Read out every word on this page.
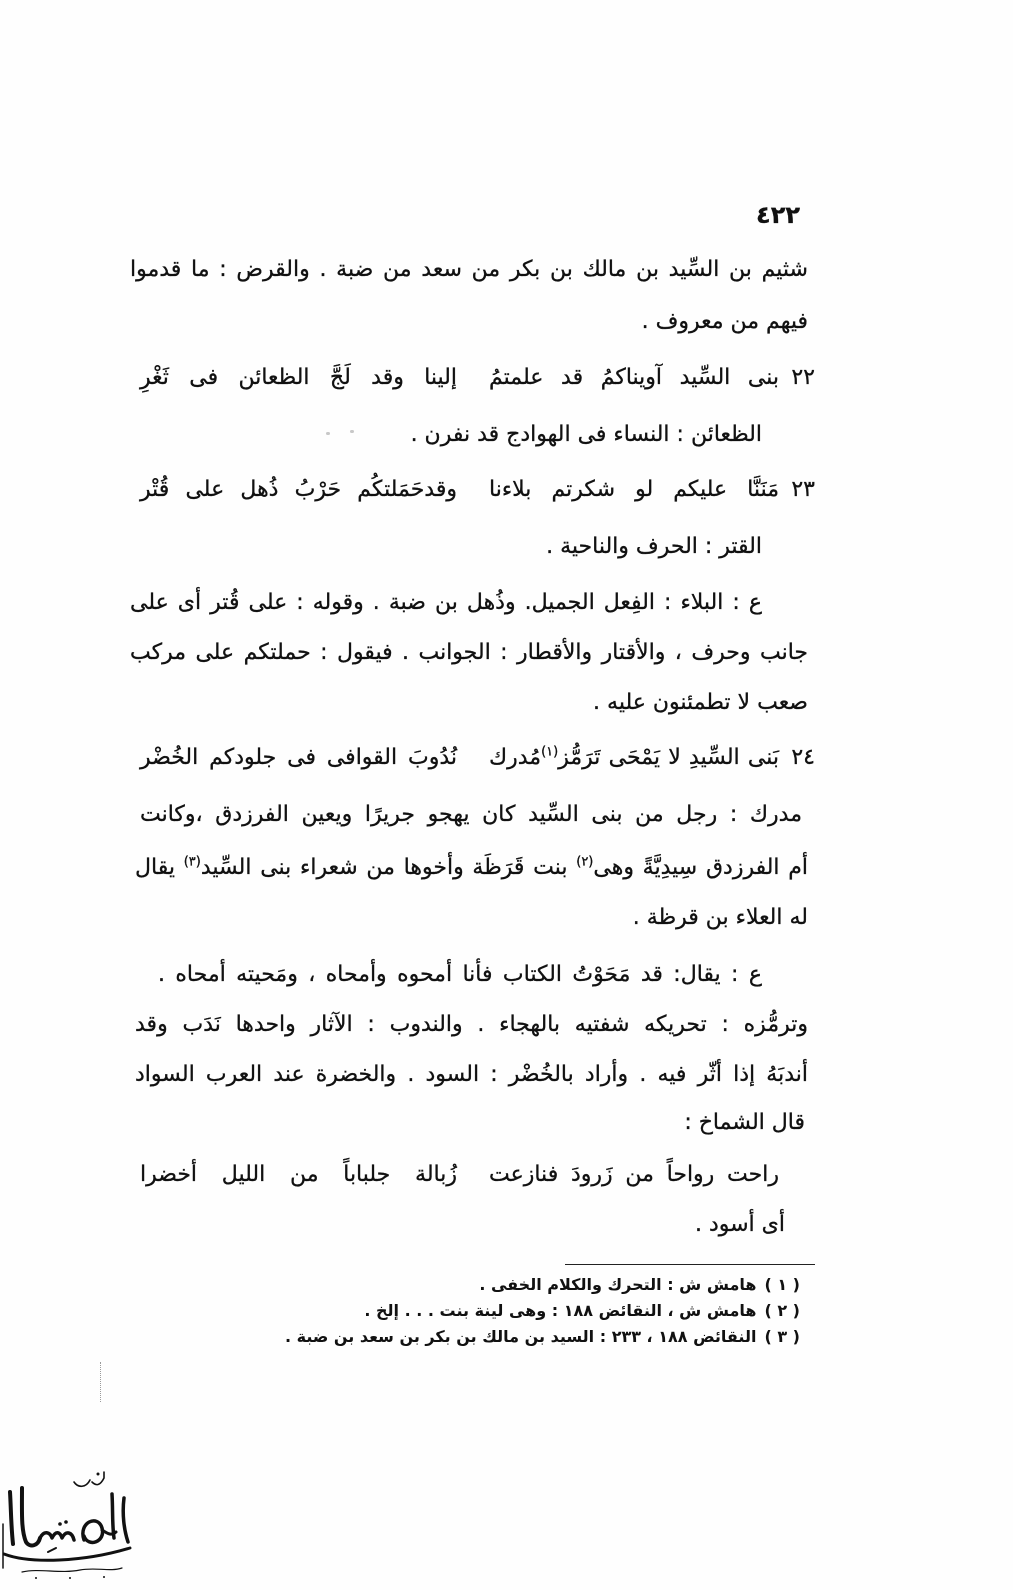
٤٢٢
شثيم بن السِّيد بن مالك بن بكر من سعد من ضبة . والقرض : ما قدموا
فيهم من معروف .
٢٢
بنى السِّيد آويناكمُ قد علمتمُ
إلينا وقد لَجَّ الظعائن فى ثَغْرِ
الظعائن : النساء فى الهوادج قد نفرن .
٢٣
مَنَنَّا عليكم لو شكرتم بلاءنا
وقدحَمَلتكُم حَرْبُ ذُهل على قُتْر
القتر : الحرف والناحية .
ع : البلاء : الفِعل الجميل. وذُهل بن ضبة . وقوله : على قُتر أى على
جانب وحرف ، والأقتار والأقطار : الجوانب . فيقول : حملتكم على مركب
صعب لا تطمئنون عليه .
٢٤
بَنى السِّيدِ لا يَمْحَى تَرَمُّز$^{(١)}$مُدرك
نُدُوبَ القوافى فى جلودكم الخُضْر
مدرك : رجل من بنى السِّيد كان يهجو جريرًا ويعين الفرزدق ،وكانت
أم الفرزدق سِيدِيَّةً وهى$^{(٢)}$ بنت قَرَظَة وأخوها من شعراء بنى السِّيد$^{(٣)}$ يقال
له العلاء بن قرظة .
ع : يقال: قد مَحَوْتُ الكتاب فأنا أمحوه وأمحاه ، ومَحيته أمحاه .
وترمُّزه : تحريكه شفتيه بالهجاء . والندوب : الآثار واحدها نَدَب وقد
أندبَهُ إذا أثّر فيه . وأراد بالخُضْر : السود . والخضرة عند العرب السواد
قال الشماخ :
راحت رواحاً من زَرودَ فنازعت
زُبالة جلباباً من الليل أخضرا
أى أسود .
( ١ )هامش ش : التحرك والكلام الخفى .
( ٢ )هامش ش ، النقائض ١٨٨ : وهى لينة بنت . . . إلخ .
( ٣ )النقائض ١٨٨ ، ٢٣٣ : السيد بن مالك بن بكر بن سعد بن ضبة .
